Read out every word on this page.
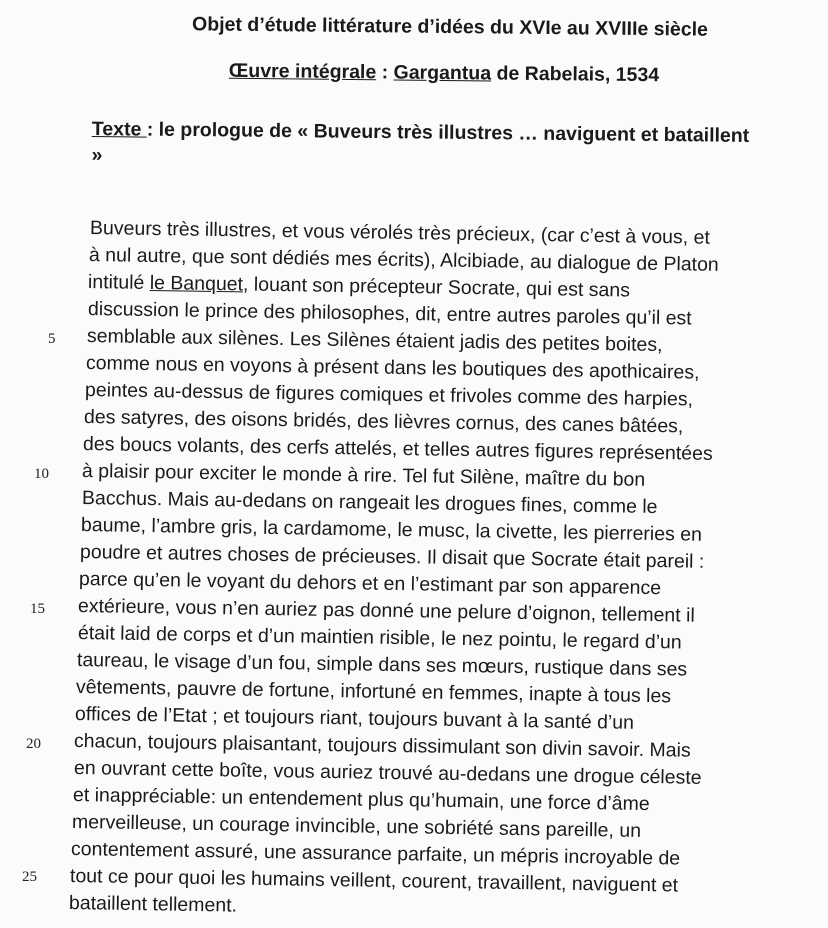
Objet d’étude littérature d’idées du XVIe au XVIIIe siècle
Œuvre intégrale : Gargantua de Rabelais, 1534
Texte : le prologue de « Buveurs très illustres … naviguent et bataillent »
Buveurs très illustres, et vous vérolés très précieux, (car c’est à vous, et
à nul autre, que sont dédiés mes écrits), Alcibiade, au dialogue de Platon
intitulé le Banquet, louant son précepteur Socrate, qui est sans
discussion le prince des philosophes, dit, entre autres paroles qu’il est
semblable aux silènes. Les Silènes étaient jadis des petites boites,
comme nous en voyons à présent dans les boutiques des apothicaires,
peintes au-dessus de figures comiques et frivoles comme des harpies,
des satyres, des oisons bridés, des lièvres cornus, des canes bâtées,
des boucs volants, des cerfs attelés, et telles autres figures représentées
à plaisir pour exciter le monde à rire. Tel fut Silène, maître du bon
Bacchus. Mais au-dedans on rangeait les drogues fines, comme le
baume, l’ambre gris, la cardamome, le musc, la civette, les pierreries en
poudre et autres choses de précieuses. Il disait que Socrate était pareil :
parce qu’en le voyant du dehors et en l’estimant par son apparence
extérieure, vous n’en auriez pas donné une pelure d’oignon, tellement il
était laid de corps et d’un maintien risible, le nez pointu, le regard d’un
taureau, le visage d’un fou, simple dans ses mœurs, rustique dans ses
vêtements, pauvre de fortune, infortuné en femmes, inapte à tous les
offices de l’Etat ; et toujours riant, toujours buvant à la santé d’un
chacun, toujours plaisantant, toujours dissimulant son divin savoir. Mais
en ouvrant cette boîte, vous auriez trouvé au-dedans une drogue céleste
et inappréciable: un entendement plus qu’humain, une force d’âme
merveilleuse, un courage invincible, une sobriété sans pareille, un
contentement assuré, une assurance parfaite, un mépris incroyable de
tout ce pour quoi les humains veillent, courent, travaillent, naviguent et
bataillent tellement.
5
10
15
20
25
